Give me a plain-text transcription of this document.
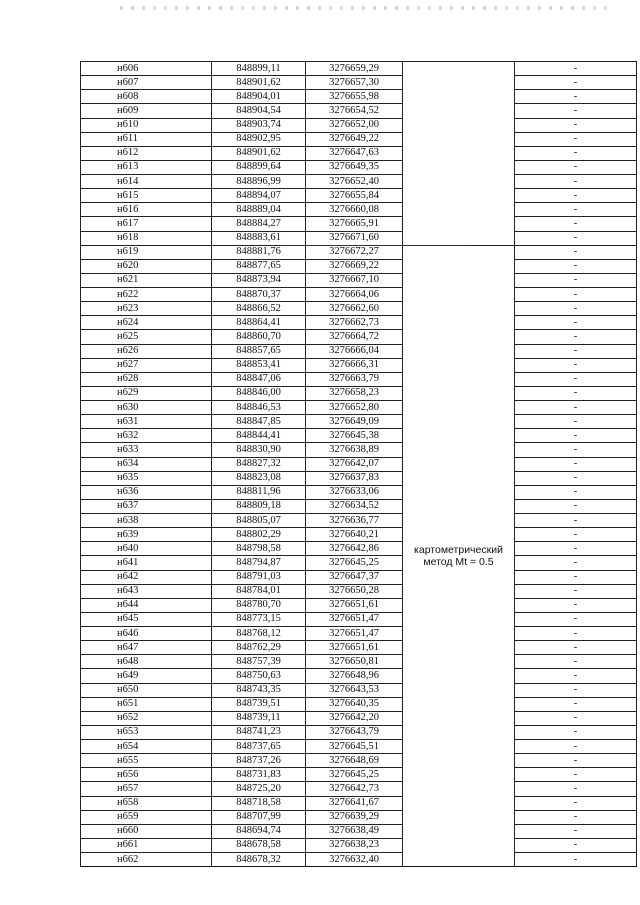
н606	848899,11	3276659,29		-
н607	848901,62	3276657,30		-
н608	848904,01	3276655,98		-
н609	848904,54	3276654,52		-
н610	848903,74	3276652,00		-
н611	848902,95	3276649,22		-
н612	848901,62	3276647,63		-
н613	848899,64	3276649,35		-
н614	848896,99	3276652,40		-
н615	848894,07	3276655,84		-
н616	848889,04	3276660,08		-
н617	848884,27	3276665,91		-
н618	848883,61	3276671,60		-
н619	848881,76	3276672,27	картометрический метод Mt = 0.5	-
н620	848877,65	3276669,22		-
н621	848873,94	3276667,10		-
н622	848870,37	3276664,06		-
н623	848866,52	3276662,60		-
н624	848864,41	3276662,73		-
н625	848860,70	3276664,72		-
н626	848857,65	3276666,04		-
н627	848853,41	3276666,31		-
н628	848847,06	3276663,79		-
н629	848846,00	3276658,23		-
н630	848846,53	3276652,80		-
н631	848847,85	3276649,09		-
н632	848844,41	3276645,38		-
н633	848830,90	3276638,89		-
н634	848827,32	3276642,07		-
н635	848823,08	3276637,83		-
н636	848811,96	3276633,06		-
н637	848809,18	3276634,52		-
н638	848805,07	3276636,77		-
н639	848802,29	3276640,21		-
н640	848798,58	3276642,86		-
н641	848794,87	3276645,25		-
н642	848791,03	3276647,37		-
н643	848784,01	3276650,28		-
н644	848780,70	3276651,61		-
н645	848773,15	3276651,47		-
н646	848768,12	3276651,47		-
н647	848762,29	3276651,61		-
н648	848757,39	3276650,81		-
н649	848750,63	3276648,96		-
н650	848743,35	3276643,53		-
н651	848739,51	3276640,35		-
н652	848739,11	3276642,20		-
н653	848741,23	3276643,79		-
н654	848737,65	3276645,51		-
н655	848737,26	3276648,69		-
н656	848731,83	3276645,25		-
н657	848725,20	3276642,73		-
н658	848718,58	3276641,67		-
н659	848707,99	3276639,29		-
н660	848694,74	3276638,49		-
н661	848678,58	3276638,23		-
н662	848678,32	3276632,40		-
